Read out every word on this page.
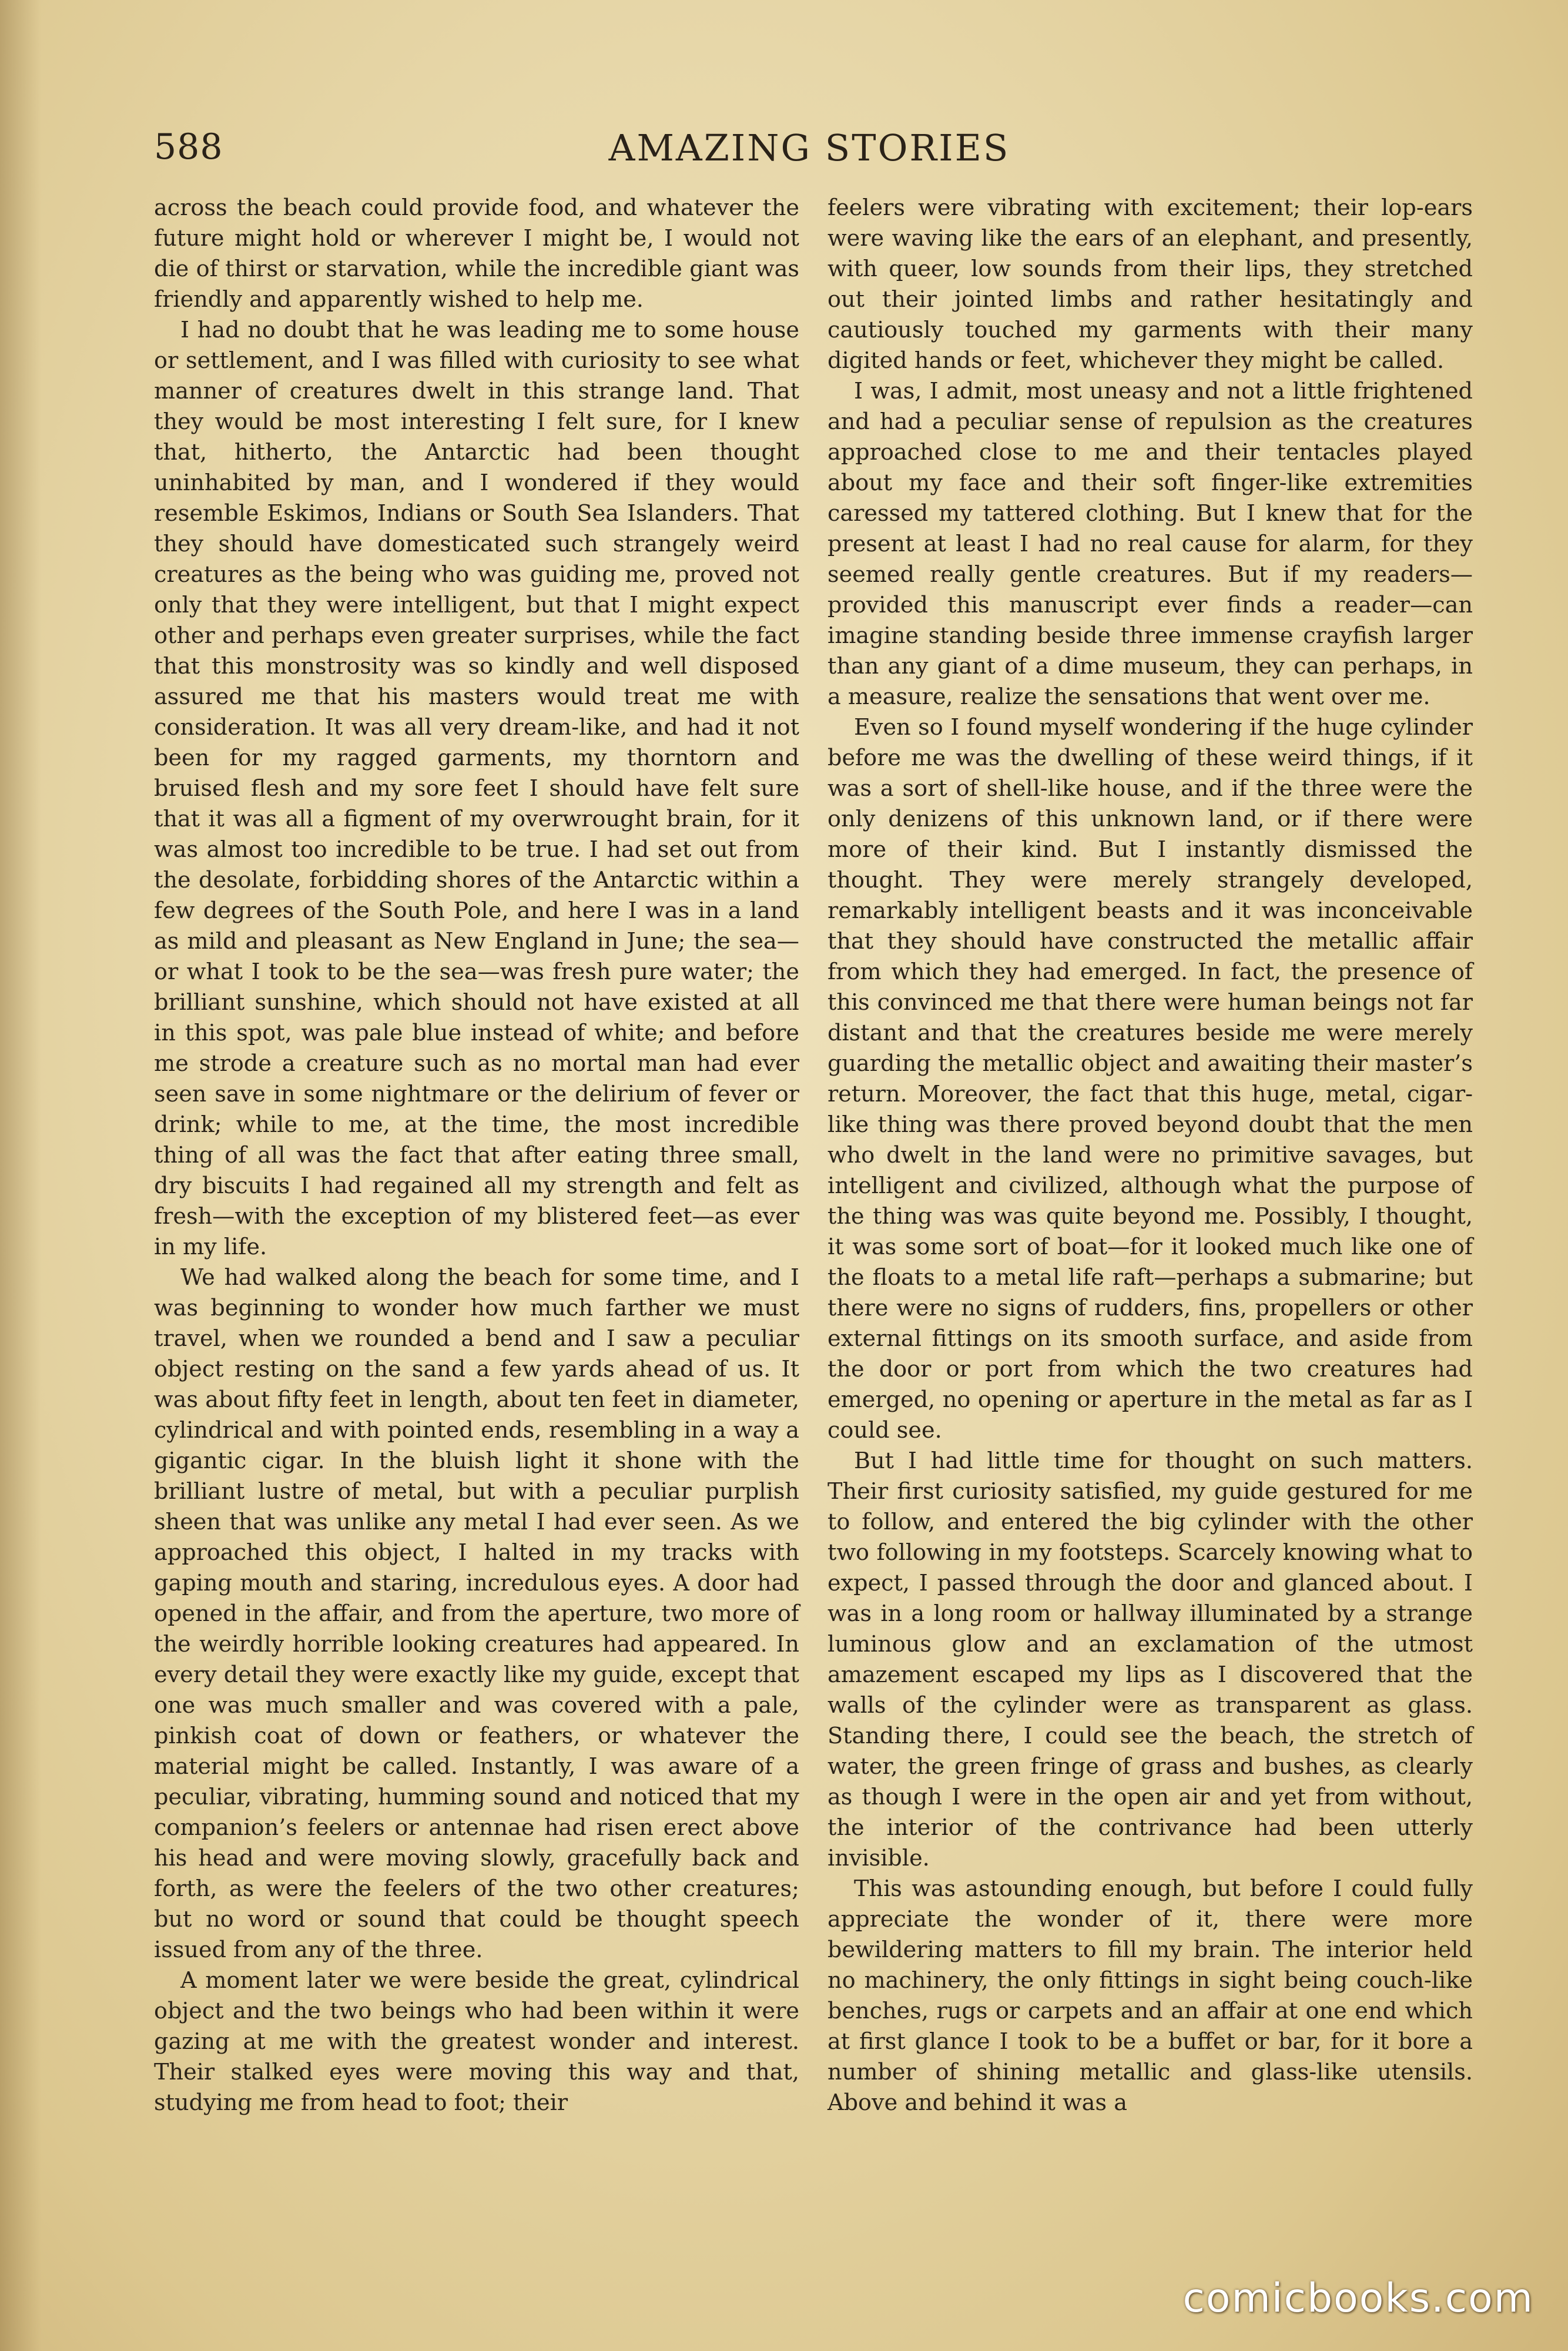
588	AMAZING STORIES

across the beach could provide food, and whatever the future might hold or wherever I might be, I would not die of thirst or starvation, while the incredible giant was friendly and apparently wished to help me.

I had no doubt that he was leading me to some house or settlement, and I was filled with curiosity to see what manner of creatures dwelt in this strange land. That they would be most interesting I felt sure, for I knew that, hitherto, the Antarctic had been thought uninhabited by man, and I wondered if they would resemble Eskimos, Indians or South Sea Islanders. That they should have domesticated such strangely weird creatures as the being who was guiding me, proved not only that they were intelligent, but that I might expect other and perhaps even greater surprises, while the fact that this monstrosity was so kindly and well disposed assured me that his masters would treat me with consideration. It was all very dream-like, and had it not been for my ragged garments, my thorntorn and bruised flesh and my sore feet I should have felt sure that it was all a figment of my overwrought brain, for it was almost too incredible to be true. I had set out from the desolate, forbidding shores of the Antarctic within a few degrees of the South Pole, and here I was in a land as mild and pleasant as New England in June; the sea—or what I took to be the sea—was fresh pure water; the brilliant sunshine, which should not have existed at all in this spot, was pale blue instead of white; and before me strode a creature such as no mortal man had ever seen save in some nightmare or the delirium of fever or drink; while to me, at the time, the most incredible thing of all was the fact that after eating three small, dry biscuits I had regained all my strength and felt as fresh—with the exception of my blistered feet—as ever in my life.

We had walked along the beach for some time, and I was beginning to wonder how much farther we must travel, when we rounded a bend and I saw a peculiar object resting on the sand a few yards ahead of us. It was about fifty feet in length, about ten feet in diameter, cylindrical and with pointed ends, resembling in a way a gigantic cigar. In the bluish light it shone with the brilliant lustre of metal, but with a peculiar purplish sheen that was unlike any metal I had ever seen. As we approached this object, I halted in my tracks with gaping mouth and staring, incredulous eyes. A door had opened in the affair, and from the aperture, two more of the weirdly horrible looking creatures had appeared. In every detail they were exactly like my guide, except that one was much smaller and was covered with a pale, pinkish coat of down or feathers, or whatever the material might be called. Instantly, I was aware of a peculiar, vibrating, humming sound and noticed that my companion’s feelers or antennae had risen erect above his head and were moving slowly, gracefully back and forth, as were the feelers of the two other creatures; but no word or sound that could be thought speech issued from any of the three.

A moment later we were beside the great, cylindrical object and the two beings who had been within it were gazing at me with the greatest wonder and interest. Their stalked eyes were moving this way and that, studying me from head to foot; their

feelers were vibrating with excitement; their lop-ears were waving like the ears of an elephant, and presently, with queer, low sounds from their lips, they stretched out their jointed limbs and rather hesitatingly and cautiously touched my garments with their many digited hands or feet, whichever they might be called.

I was, I admit, most uneasy and not a little frightened and had a peculiar sense of repulsion as the creatures approached close to me and their tentacles played about my face and their soft finger-like extremities caressed my tattered clothing. But I knew that for the present at least I had no real cause for alarm, for they seemed really gentle creatures. But if my readers—provided this manuscript ever finds a reader—can imagine standing beside three immense crayfish larger than any giant of a dime museum, they can perhaps, in a measure, realize the sensations that went over me.

Even so I found myself wondering if the huge cylinder before me was the dwelling of these weird things, if it was a sort of shell-like house, and if the three were the only denizens of this unknown land, or if there were more of their kind. But I instantly dismissed the thought. They were merely strangely developed, remarkably intelligent beasts and it was inconceivable that they should have constructed the metallic affair from which they had emerged. In fact, the presence of this convinced me that there were human beings not far distant and that the creatures beside me were merely guarding the metallic object and awaiting their master’s return. Moreover, the fact that this huge, metal, cigar-like thing was there proved beyond doubt that the men who dwelt in the land were no primitive savages, but intelligent and civilized, although what the purpose of the thing was was quite beyond me. Possibly, I thought, it was some sort of boat—for it looked much like one of the floats to a metal life raft—perhaps a submarine; but there were no signs of rudders, fins, propellers or other external fittings on its smooth surface, and aside from the door or port from which the two creatures had emerged, no opening or aperture in the metal as far as I could see.

But I had little time for thought on such matters. Their first curiosity satisfied, my guide gestured for me to follow, and entered the big cylinder with the other two following in my footsteps. Scarcely knowing what to expect, I passed through the door and glanced about. I was in a long room or hallway illuminated by a strange luminous glow and an exclamation of the utmost amazement escaped my lips as I discovered that the walls of the cylinder were as transparent as glass. Standing there, I could see the beach, the stretch of water, the green fringe of grass and bushes, as clearly as though I were in the open air and yet from without, the interior of the contrivance had been utterly invisible.

This was astounding enough, but before I could fully appreciate the wonder of it, there were more bewildering matters to fill my brain. The interior held no machinery, the only fittings in sight being couch-like benches, rugs or carpets and an affair at one end which at first glance I took to be a buffet or bar, for it bore a number of shining metallic and glass-like utensils. Above and behind it was a

comicbooks.com
